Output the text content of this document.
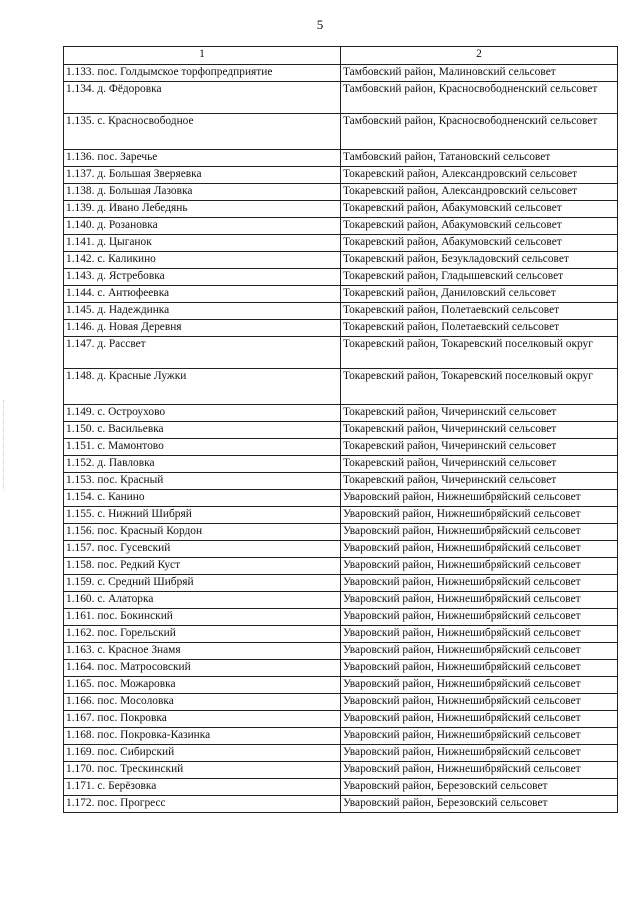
5
1	2
1.133. пос. Голдымское торфопредприятие	Тамбовский район, Малиновский сельсовет
1.134. д. Фёдоровка	Тамбовский район, Красносвободненский сельсовет
1.135. с. Красносвободное	Тамбовский район, Красносвободненский сельсовет
1.136. пос. Заречье	Тамбовский район, Татановский сельсовет
1.137. д. Большая Зверяевка	Токаревский район, Александровский сельсовет
1.138. д. Большая Лазовка	Токаревский район, Александровский сельсовет
1.139. д. Ивано Лебедянь	Токаревский район, Абакумовский сельсовет
1.140. д. Розановка	Токаревский район, Абакумовский сельсовет
1.141. д. Цыганок	Токаревский район, Абакумовский сельсовет
1.142. с. Каликино	Токаревский район, Безукладовский сельсовет
1.143. д. Ястребовка	Токаревский район, Гладышевский сельсовет
1.144. с. Антюфеевка	Токаревский район, Даниловский сельсовет
1.145. д. Надеждинка	Токаревский район, Полетаевский сельсовет
1.146. д. Новая Деревня	Токаревский район, Полетаевский сельсовет
1.147. д. Рассвет	Токаревский район, Токаревский поселковый округ
1.148. д. Красные Лужки	Токаревский район, Токаревский поселковый округ
1.149. с. Остроухово	Токаревский район, Чичеринский сельсовет
1.150. с. Васильевка	Токаревский район, Чичеринский сельсовет
1.151. с. Мамонтово	Токаревский район, Чичеринский сельсовет
1.152. д. Павловка	Токаревский район, Чичеринский сельсовет
1.153. пос. Красный	Токаревский район, Чичеринский сельсовет
1.154. с. Канино	Уваровский район, Нижнешибряйский сельсовет
1.155. с. Нижний Шибряй	Уваровский район, Нижнешибряйский сельсовет
1.156. пос. Красный Кордон	Уваровский район, Нижнешибряйский сельсовет
1.157. пос. Гусевский	Уваровский район, Нижнешибряйский сельсовет
1.158. пос. Редкий Куст	Уваровский район, Нижнешибряйский сельсовет
1.159. с. Средний Шибряй	Уваровский район, Нижнешибряйский сельсовет
1.160. с. Алаторка	Уваровский район, Нижнешибряйский сельсовет
1.161. пос. Бокинский	Уваровский район, Нижнешибряйский сельсовет
1.162. пос. Горельский	Уваровский район, Нижнешибряйский сельсовет
1.163. с. Красное Знамя	Уваровский район, Нижнешибряйский сельсовет
1.164. пос. Матросовский	Уваровский район, Нижнешибряйский сельсовет
1.165. пос. Можаровка	Уваровский район, Нижнешибряйский сельсовет
1.166. пос. Мосоловка	Уваровский район, Нижнешибряйский сельсовет
1.167. пос. Покровка	Уваровский район, Нижнешибряйский сельсовет
1.168. пос. Покровка-Казинка	Уваровский район, Нижнешибряйский сельсовет
1.169. пос. Сибирский	Уваровский район, Нижнешибряйский сельсовет
1.170. пос. Трескинский	Уваровский район, Нижнешибряйский сельсовет
1.171. с. Берёзовка	Уваровский район, Березовский сельсовет
1.172. пос. Прогресс	Уваровский район, Березовский сельсовет
